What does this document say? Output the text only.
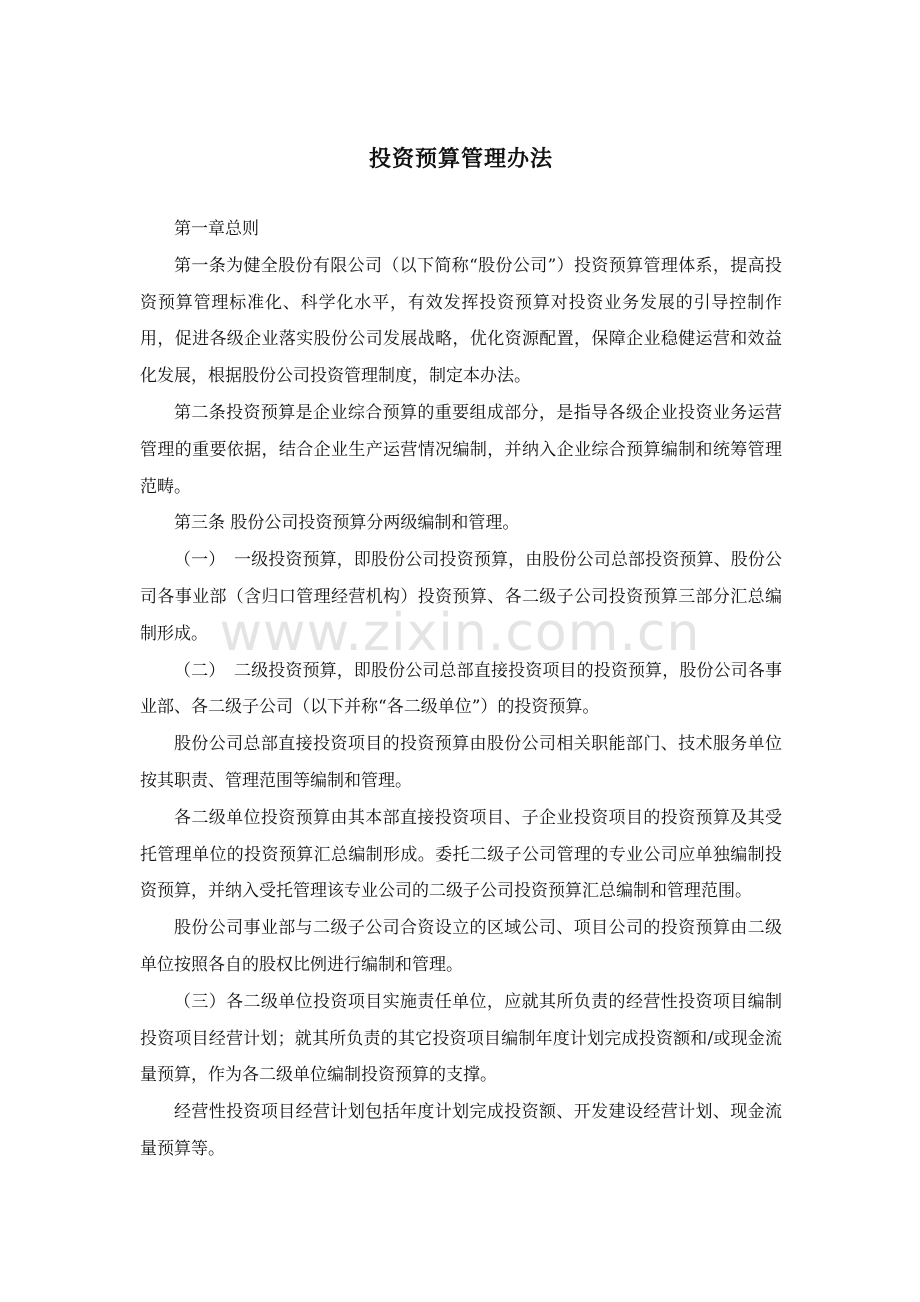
投资预算管理办法

第一章总则

第一条为健全股份有限公司（以下简称“股份公司”）投资预算管理体系，提高投资预算管理标准化、科学化水平，有效发挥投资预算对投资业务发展的引导控制作用，促进各级企业落实股份公司发展战略，优化资源配置，保障企业稳健运营和效益化发展，根据股份公司投资管理制度，制定本办法。

第二条投资预算是企业综合预算的重要组成部分，是指导各级企业投资业务运营管理的重要依据，结合企业生产运营情况编制，并纳入企业综合预算编制和统筹管理范畴。

第三条 股份公司投资预算分两级编制和管理。

（一）　一级投资预算，即股份公司投资预算，由股份公司总部投资预算、股份公司各事业部（含归口管理经营机构）投资预算、各二级子公司投资预算三部分汇总编制形成。

（二）　二级投资预算，即股份公司总部直接投资项目的投资预算，股份公司各事业部、各二级子公司（以下并称“各二级单位”）的投资预算。

股份公司总部直接投资项目的投资预算由股份公司相关职能部门、技术服务单位按其职责、管理范围等编制和管理。

各二级单位投资预算由其本部直接投资项目、子企业投资项目的投资预算及其受托管理单位的投资预算汇总编制形成。委托二级子公司管理的专业公司应单独编制投资预算，并纳入受托管理该专业公司的二级子公司投资预算汇总编制和管理范围。

股份公司事业部与二级子公司合资设立的区域公司、项目公司的投资预算由二级单位按照各自的股权比例进行编制和管理。

（三）各二级单位投资项目实施责任单位，应就其所负责的经营性投资项目编制投资项目经营计划；就其所负责的其它投资项目编制年度计划完成投资额和/或现金流量预算，作为各二级单位编制投资预算的支撑。

经营性投资项目经营计划包括年度计划完成投资额、开发建设经营计划、现金流量预算等。

www.zixin.com.cn
